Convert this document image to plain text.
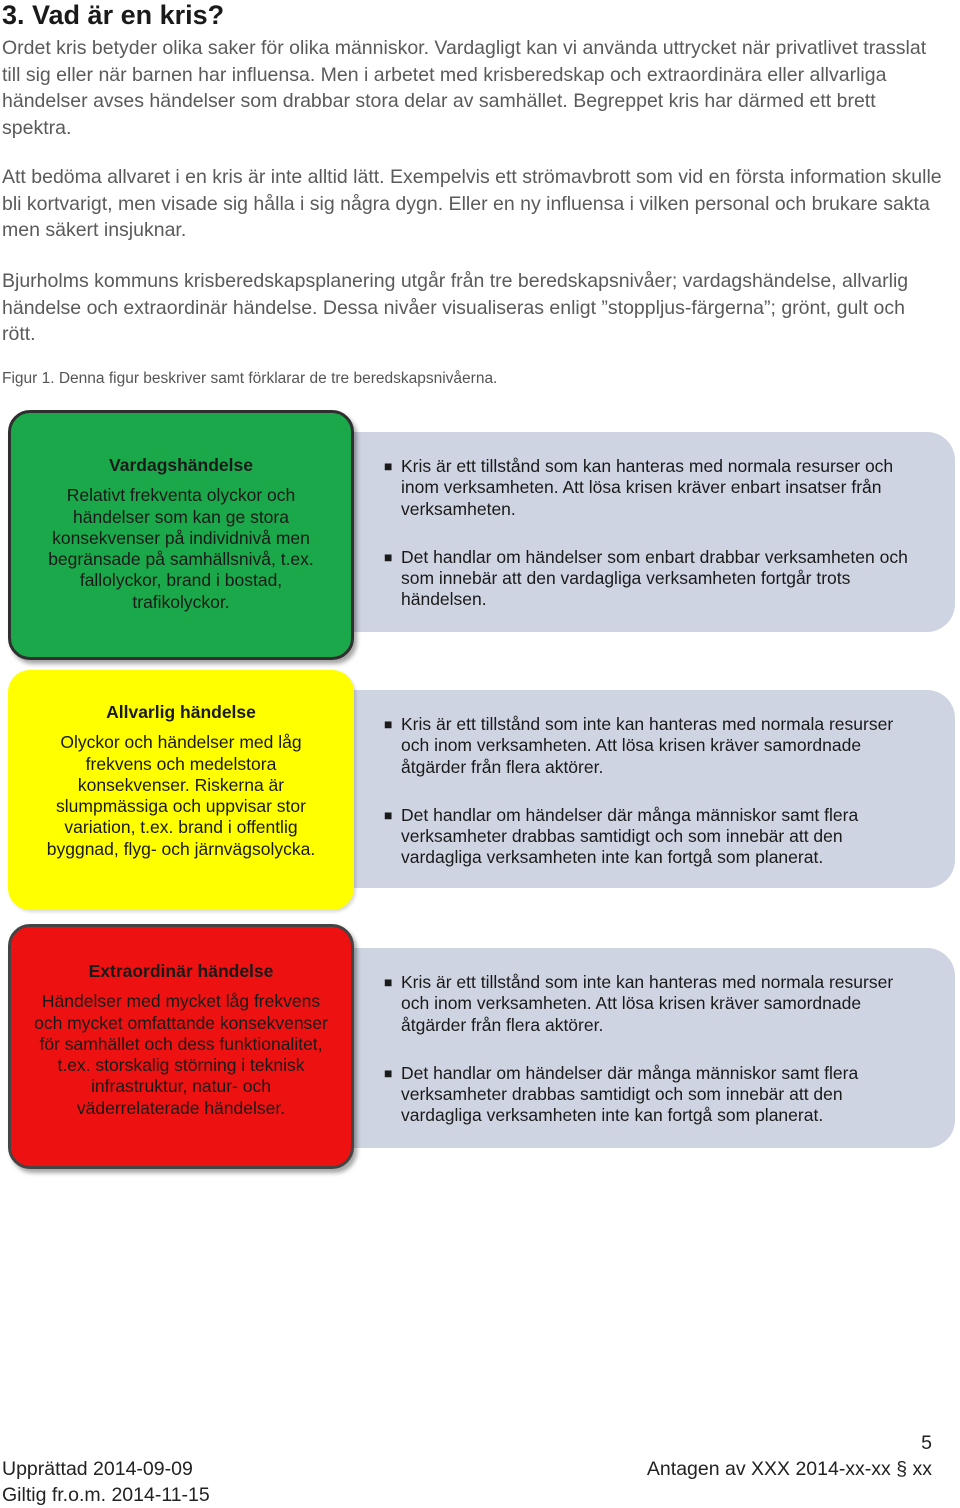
3. Vad är en kris?

Ordet kris betyder olika saker för olika människor. Vardagligt kan vi använda uttrycket när privatlivet trasslat till sig eller när barnen har influensa. Men i arbetet med krisberedskap och extraordinära eller allvarliga händelser avses händelser som drabbar stora delar av samhället. Begreppet kris har därmed ett brett spektra.

Att bedöma allvaret i en kris är inte alltid lätt. Exempelvis ett strömavbrott som vid en första information skulle bli kortvarigt, men visade sig hålla i sig några dygn. Eller en ny influensa i vilken personal och brukare sakta men säkert insjuknar.

Bjurholms kommuns krisberedskapsplanering utgår från tre beredskapsnivåer; vardagshändelse, allvarlig händelse och extraordinär händelse. Dessa nivåer visualiseras enligt ”stoppljus-färgerna”; grönt, gult och rött.

Figur 1. Denna figur beskriver samt förklarar de tre beredskapsnivåerna.
■ Kris är ett tillstånd som kan hanteras med normala resurser och inom verksamheten. Att lösa krisen kräver enbart insatser från verksamheten.
■ Det handlar om händelser som enbart drabbar verksamheten och som innebär att den vardagliga verksamheten fortgår trots händelsen.
Vardagshändelse
Relativt frekventa olyckor och händelser som kan ge stora konsekvenser på individnivå men begränsade på samhällsnivå, t.ex. fallolyckor, brand i bostad, trafikolyckor.
■ Kris är ett tillstånd som inte kan hanteras med normala resurser och inom verksamheten. Att lösa krisen kräver samordnade åtgärder från flera aktörer.
■ Det handlar om händelser där många människor samt flera verksamheter drabbas samtidigt och som innebär att den vardagliga verksamheten inte kan fortgå som planerat.
Allvarlig händelse
Olyckor och händelser med låg frekvens och medelstora konsekvenser. Riskerna är slumpmässiga och uppvisar stor variation, t.ex. brand i offentlig byggnad, flyg- och järnvägsolycka.
■ Kris är ett tillstånd som inte kan hanteras med normala resurser och inom verksamheten. Att lösa krisen kräver samordnade åtgärder från flera aktörer.
■ Det handlar om händelser där många människor samt flera verksamheter drabbas samtidigt och som innebär att den vardagliga verksamheten inte kan fortgå som planerat.
Extraordinär händelse
Händelser med mycket låg frekvens och mycket omfattande konsekvenser för samhället och dess funktionalitet, t.ex. storskalig störning i teknisk infrastruktur, natur- och väderrelaterade händelser.
5
Upprättad 2014-09-09	Antagen av XXX 2014-xx-xx § xx
Giltig fr.o.m. 2014-11-15
